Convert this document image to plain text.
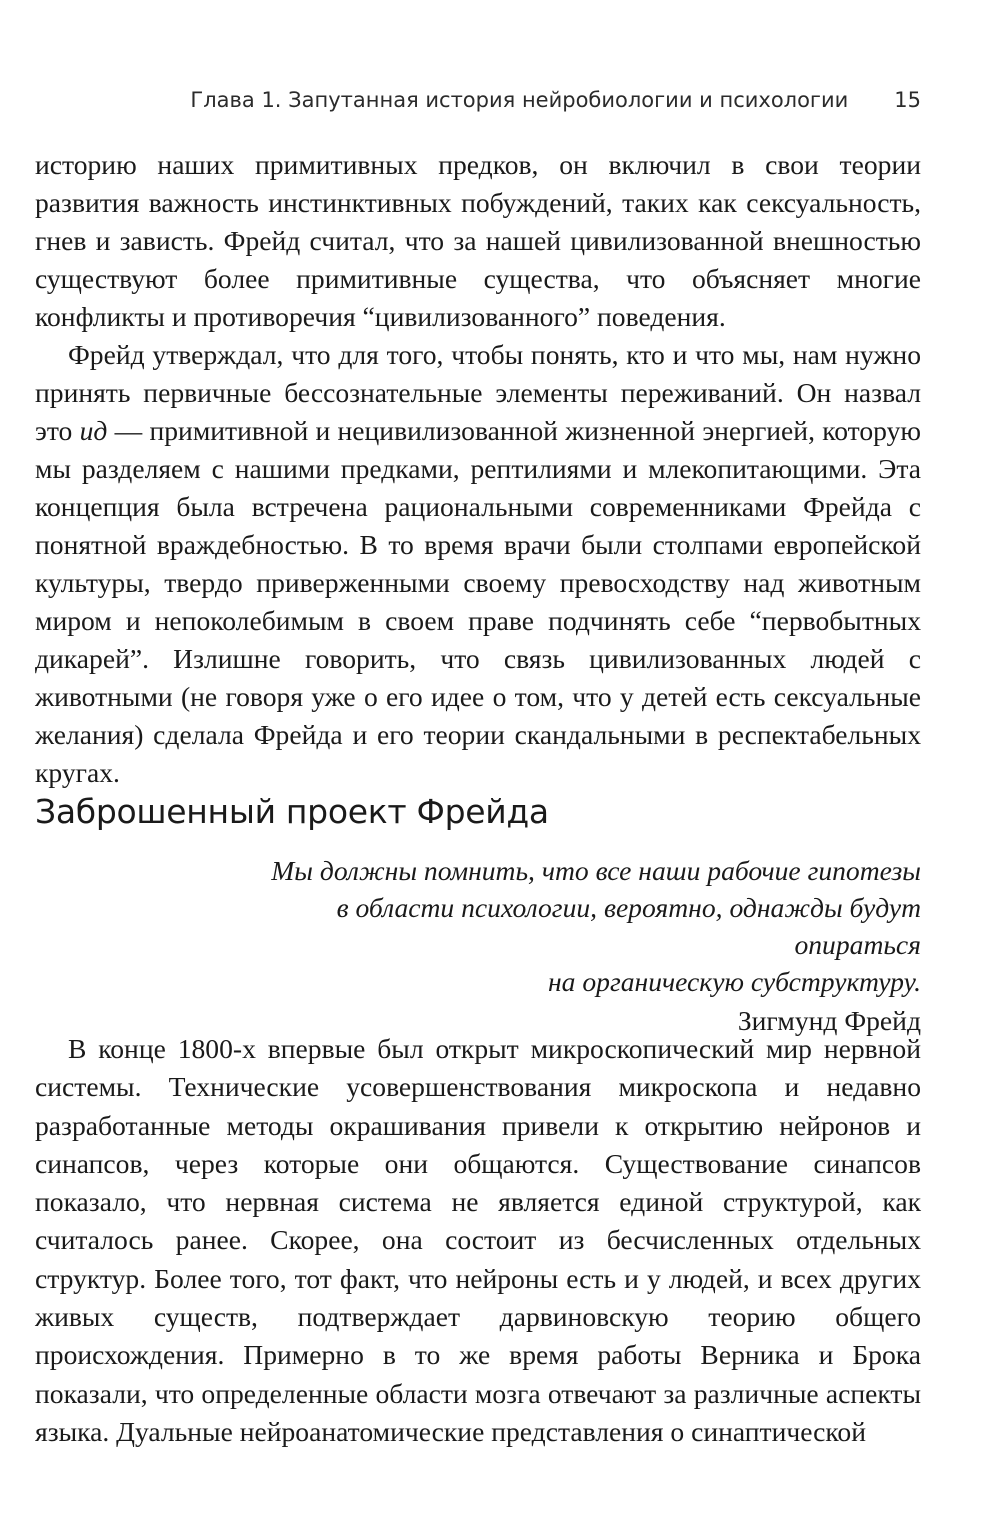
Глава 1. Запутанная история нейробиологии и психологии 15

историю наших примитивных предков, он включил в свои теории развития важность инстинктивных побуждений, таких как сексуальность, гнев и зависть. Фрейд считал, что за нашей цивилизованной внешностью существуют более примитивные существа, что объясняет многие конфликты и противоречия “цивилизованного” поведения.

Фрейд утверждал, что для того, чтобы понять, кто и что мы, нам нужно принять первичные бессознательные элементы переживаний. Он назвал это ид — примитивной и нецивилизованной жизненной энергией, которую мы разделяем с нашими предками, рептилиями и млекопитающими. Эта концепция была встречена рациональными современниками Фрейда с понятной враждебностью. В то время врачи были столпами европейской культуры, твердо приверженными своему превосходству над животным миром и непоколебимым в своем праве подчинять себе “первобытных дикарей”. Излишне говорить, что связь цивилизованных людей с животными (не говоря уже о его идее о том, что у детей есть сексуальные желания) сделала Фрейда и его теории скандальными в респектабельных кругах.

Заброшенный проект Фрейда
Мы должны помнить, что все наши рабочие гипотезы
в области психологии, вероятно, однажды будут опираться
на органическую субструктуру.
Зигмунд Фрейд

В конце 1800-х впервые был открыт микроскопический мир нервной системы. Технические усовершенствования микроскопа и недавно разработанные методы окрашивания привели к открытию нейронов и синапсов, через которые они общаются. Существование синапсов показало, что нервная система не является единой структурой, как считалось ранее. Скорее, она состоит из бесчисленных отдельных структур. Более того, тот факт, что нейроны есть и у людей, и всех других живых существ, подтверждает дарвиновскую теорию общего происхождения. Примерно в то же время работы Верника и Брока показали, что определенные области мозга отвечают за различные аспекты языка. Дуальные нейроанатомические представления о синаптической
